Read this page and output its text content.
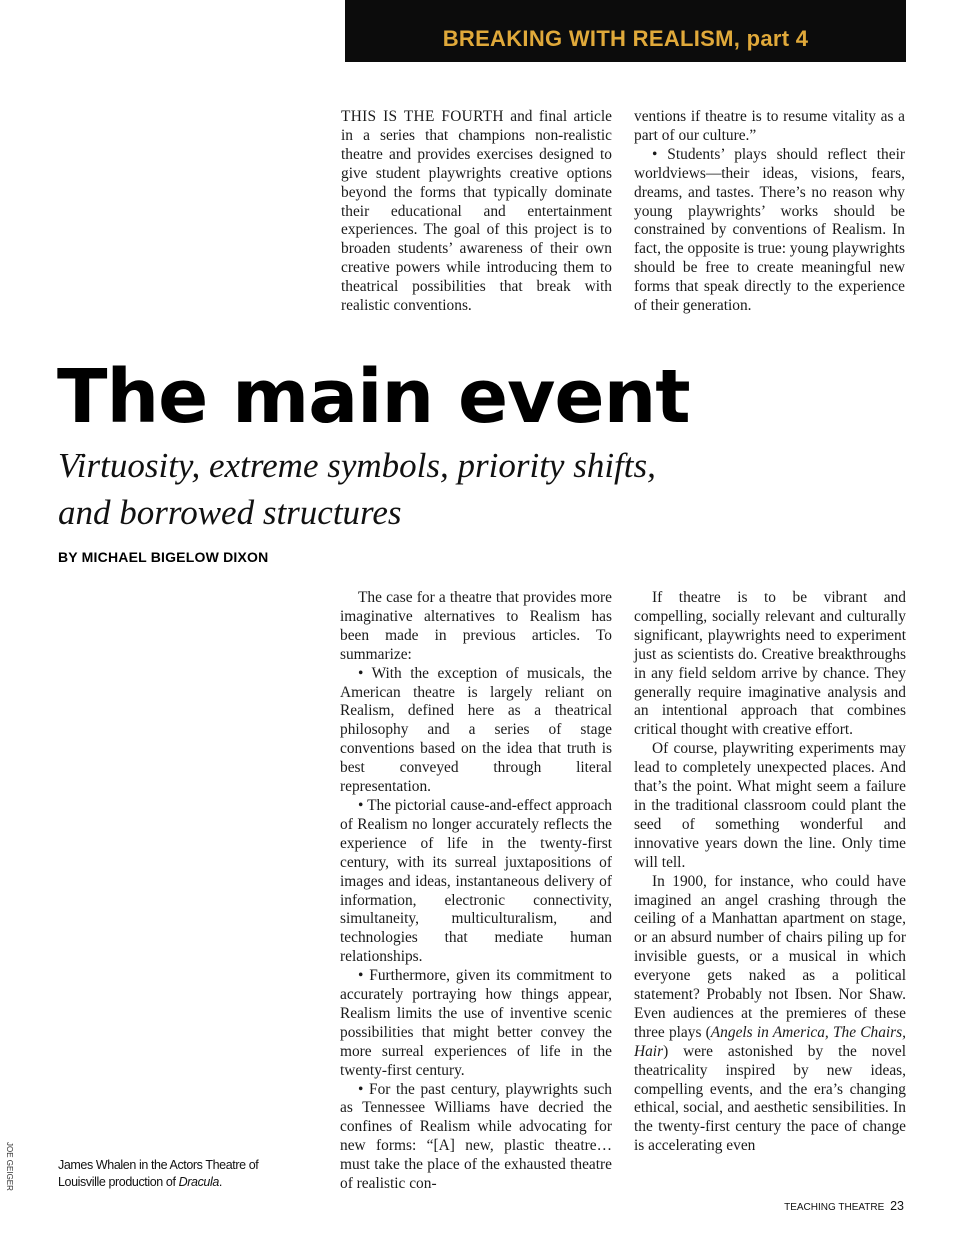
BREAKING WITH REALISM, part 4

THIS IS THE FOURTH and final article in a series that champions non-realistic theatre and provides exercises designed to give student playwrights creative options beyond the forms that typically dominate their educational and entertainment experiences. The goal of this project is to broaden students’ awareness of their own creative powers while introducing them to theatrical possibilities that break with realistic conventions.

ventions if theatre is to resume vitality as a part of our culture.”

• Students’ plays should reflect their worldviews—their ideas, visions, fears, dreams, and tastes. There’s no reason why young playwrights’ works should be constrained by conventions of Realism. In fact, the opposite is true: young playwrights should be free to create meaningful new forms that speak directly to the experience of their generation.

The main event
Virtuosity, extreme symbols, priority shifts,
and borrowed structures
BY MICHAEL BIGELOW DIXON

The case for a theatre that provides more imaginative alternatives to Realism has been made in previous articles. To summarize:

• With the exception of musicals, the American theatre is largely reliant on Realism, defined here as a theatrical philosophy and a series of stage conventions based on the idea that truth is best conveyed through literal representation.

• The pictorial cause-and-effect approach of Realism no longer accurately reflects the experience of life in the twenty-first century, with its surreal juxtapositions of images and ideas, instantaneous delivery of information, electronic connectivity, simultaneity, multiculturalism, and technologies that mediate human relationships.

• Furthermore, given its commitment to accurately portraying how things appear, Realism limits the use of inventive scenic possibilities that might better convey the more surreal experiences of life in the twenty-first century.

• For the past century, playwrights such as Tennessee Williams have decried the confines of Realism while advocating for new forms: “[A] new, plastic theatre… must take the place of the exhausted theatre of realistic con-

If theatre is to be vibrant and compelling, socially relevant and culturally significant, playwrights need to experiment just as scientists do. Creative breakthroughs in any field seldom arrive by chance. They generally require imaginative analysis and an intentional approach that combines critical thought with creative effort.

Of course, playwriting experiments may lead to completely unexpected places. And that’s the point. What might seem a failure in the traditional classroom could plant the seed of something wonderful and innovative years down the line. Only time will tell.

In 1900, for instance, who could have imagined an angel crashing through the ceiling of a Manhattan apartment on stage, or an absurd number of chairs piling up for invisible guests, or a musical in which everyone gets naked as a political statement? Probably not Ibsen. Nor Shaw. Even audiences at the premieres of these three plays (Angels in America, The Chairs, Hair) were astonished by the novel theatricality inspired by new ideas, compelling events, and the era’s changing ethical, social, and aesthetic sensibilities. In the twenty-first century the pace of change is accelerating even

JOE GEIGER	James Whalen in the Actors Theatre of Louisville production of Dracula.
TEACHING THEATRE 23
